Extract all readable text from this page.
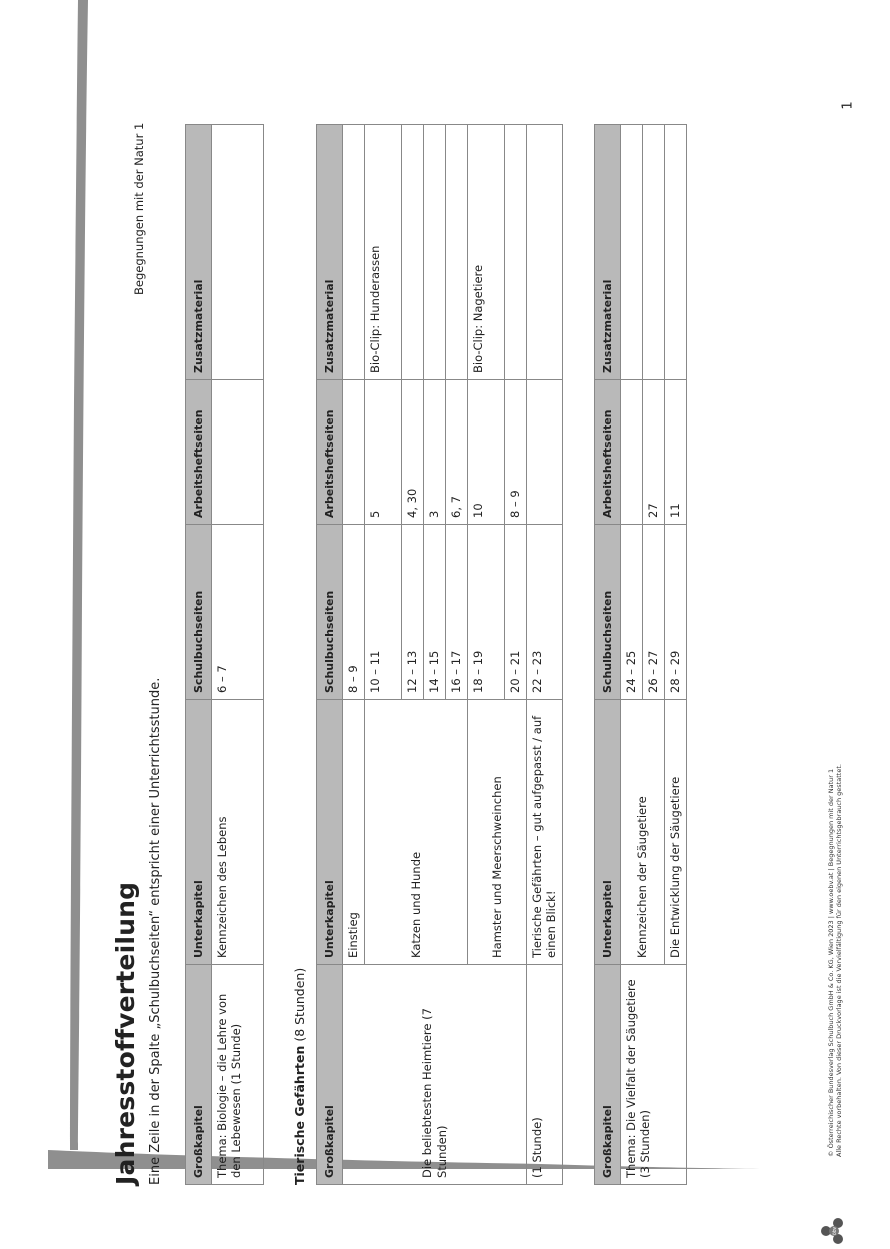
1
Begegnungen mit der Natur 1
Jahresstoffverteilung Eine Zeile in der Spalte „Schulbuchseiten“ entspricht einer Unterrichtsstunde.	Großkapitel	Unterkapitel	Schulbuchseiten	Arbeitsheftseiten	Zusatzmaterial
Thema: Biologie – die Lehre von den Lebewesen (1 Stunde)	Kennzeichen des Lebens	6 – 7		
Tierische Gefährten (8 Stunden)
Großkapitel	Unterkapitel	Schulbuchseiten	Arbeitsheftseiten	Zusatzmaterial
Die beliebtesten Heimtiere (7 Stunden)	Einstieg	8 – 9		
	Katzen und Hunde	10 – 11	5	Bio-Clip: Hunderassen
		12 – 13	4, 30	
		14 – 15	3	
		16 – 17	6, 7	
	Hamster und Meerschweinchen	18 – 19	10	Bio-Clip: Nagetiere
		20 – 21	8 – 9	
(1 Stunde)	Tierische Gefährten – gut aufgepasst / auf einen Blick!	22 – 23		
Großkapitel	Unterkapitel	Schulbuchseiten	Arbeitsheftseiten	Zusatzmaterial
Thema: Die Vielfalt der Säugetiere (3 Stunden)	Kennzeichen der Säugetiere	24 – 25		
		26 – 27	27	
	Die Entwicklung der Säugetiere	28 – 29	11	
öbv
© Österreichischer Bundesverlag Schulbuch GmbH & Co. KG, Wien 2023 | www.oebv.at | Begegnungen mit der Natur 1 Alle Rechte vorbehalten. Von dieser Druckvorlage ist die Vervielfältigung für den eigenen Unterrichtsgebrauch gestattet.
